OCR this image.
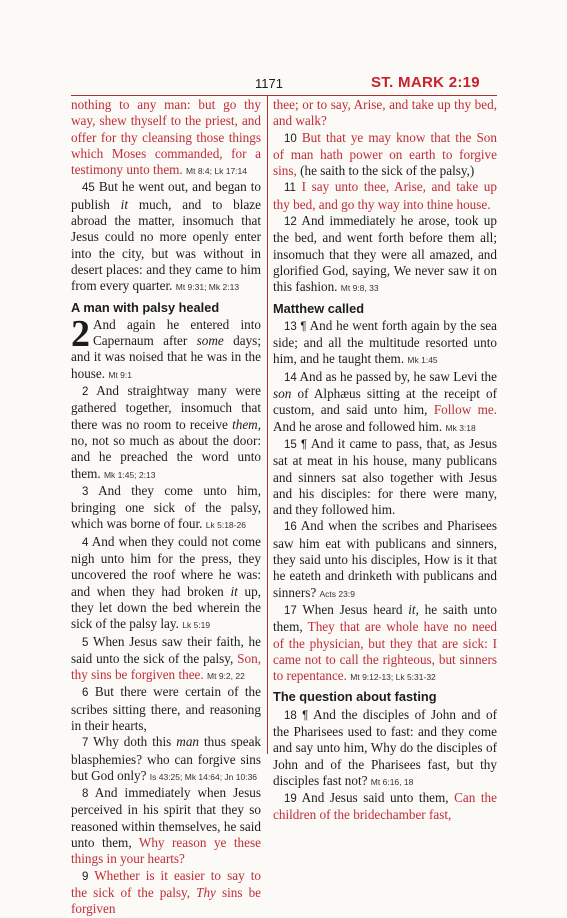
1171	ST. MARK 2:19

nothing to any man: but go thy way, shew thyself to the priest, and offer for thy cleansing those things which Moses commanded, for a testimony unto them. Mt 8:4; Lk 17:14

45 But he went out, and began to publish it much, and to blaze abroad the matter, insomuch that Jesus could no more openly enter into the city, but was without in desert places: and they came to him from every quarter. Mt 9:31; Mk 2:13

A man with palsy healed

2 And again he entered into Capernaum after some days; and it was noised that he was in the house. Mt 9:1

2 And straightway many were gathered together, insomuch that there was no room to receive them, no, not so much as about the door: and he preached the word unto them. Mk 1:45; 2:13

3 And they come unto him, bringing one sick of the palsy, which was borne of four. Lk 5:18-26

4 And when they could not come nigh unto him for the press, they uncovered the roof where he was: and when they had broken it up, they let down the bed wherein the sick of the palsy lay. Lk 5:19

5 When Jesus saw their faith, he said unto the sick of the palsy, Son, thy sins be forgiven thee. Mt 9:2, 22

6 But there were certain of the scribes sitting there, and reasoning in their hearts,

7 Why doth this man thus speak blasphemies? who can forgive sins but God only? Is 43:25; Mk 14:64; Jn 10:36

8 And immediately when Jesus perceived in his spirit that they so reasoned within themselves, he said unto them, Why reason ye these things in your hearts?

9 Whether is it easier to say to the sick of the palsy, Thy sins be forgiven

thee; or to say, Arise, and take up thy bed, and walk?

10 But that ye may know that the Son of man hath power on earth to forgive sins, (he saith to the sick of the palsy,)

11 I say unto thee, Arise, and take up thy bed, and go thy way into thine house.

12 And immediately he arose, took up the bed, and went forth before them all; insomuch that they were all amazed, and glorified God, saying, We never saw it on this fashion. Mt 9:8, 33

Matthew called

13 ¶ And he went forth again by the sea side; and all the multitude resorted unto him, and he taught them. Mk 1:45

14 And as he passed by, he saw Levi the son of Alphæus sitting at the receipt of custom, and said unto him, Follow me. And he arose and followed him. Mk 3:18

15 ¶ And it came to pass, that, as Jesus sat at meat in his house, many publicans and sinners sat also together with Jesus and his disciples: for there were many, and they followed him.

16 And when the scribes and Pharisees saw him eat with publicans and sinners, they said unto his disciples, How is it that he eateth and drinketh with publicans and sinners? Acts 23:9

17 When Jesus heard it, he saith unto them, They that are whole have no need of the physician, but they that are sick: I came not to call the righteous, but sinners to repentance. Mt 9:12-13; Lk 5:31-32

The question about fasting

18 ¶ And the disciples of John and of the Pharisees used to fast: and they come and say unto him, Why do the disciples of John and of the Pharisees fast, but thy disciples fast not? Mt 6:16, 18

19 And Jesus said unto them, Can the children of the bridechamber fast,
